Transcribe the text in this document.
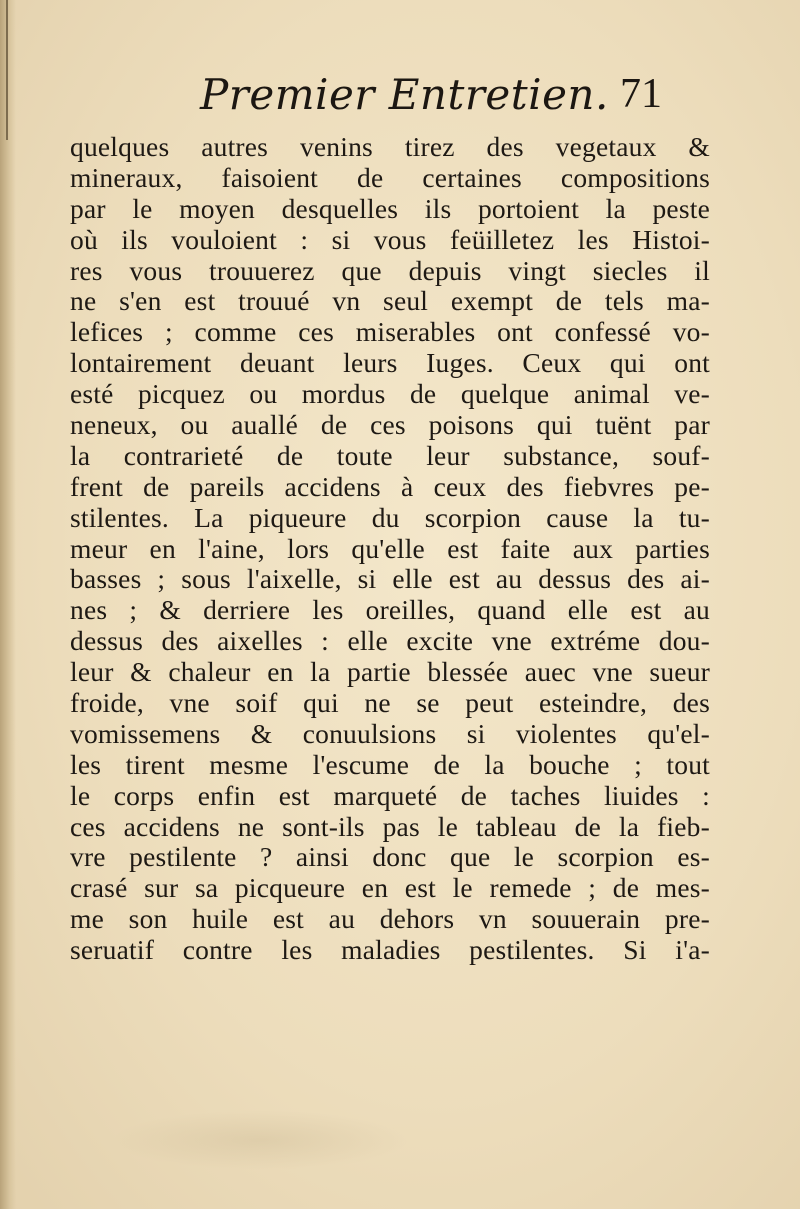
Premier Entretien. 71
quelques autres venins tirez des vegetaux &
mineraux, faisoient de certaines compositions
par le moyen desquelles ils portoient la peste
où ils vouloient : si vous feüilletez les Histoi-
res vous trouuerez que depuis vingt siecles il
ne s'en est trouué vn seul exempt de tels ma-
lefices ; comme ces miserables ont confessé vo-
lontairement deuant leurs Iuges. Ceux qui ont
esté picquez ou mordus de quelque animal ve-
neneux, ou auallé de ces poisons qui tuënt par
la contrarieté de toute leur substance, souf-
frent de pareils accidens à ceux des fiebvres pe-
stilentes. La piqueure du scorpion cause la tu-
meur en l'aine, lors qu'elle est faite aux parties
basses ; sous l'aixelle, si elle est au dessus des ai-
nes ; & derriere les oreilles, quand elle est au
dessus des aixelles : elle excite vne extréme dou-
leur & chaleur en la partie blessée auec vne sueur
froide, vne soif qui ne se peut esteindre, des
vomissemens & conuulsions si violentes qu'el-
les tirent mesme l'escume de la bouche ; tout
le corps enfin est marqueté de taches liuides :
ces accidens ne sont-ils pas le tableau de la fieb-
vre pestilente ? ainsi donc que le scorpion es-
crasé sur sa picqueure en est le remede ; de mes-
me son huile est au dehors vn souuerain pre-
seruatif contre les maladies pestilentes. Si i'a-
